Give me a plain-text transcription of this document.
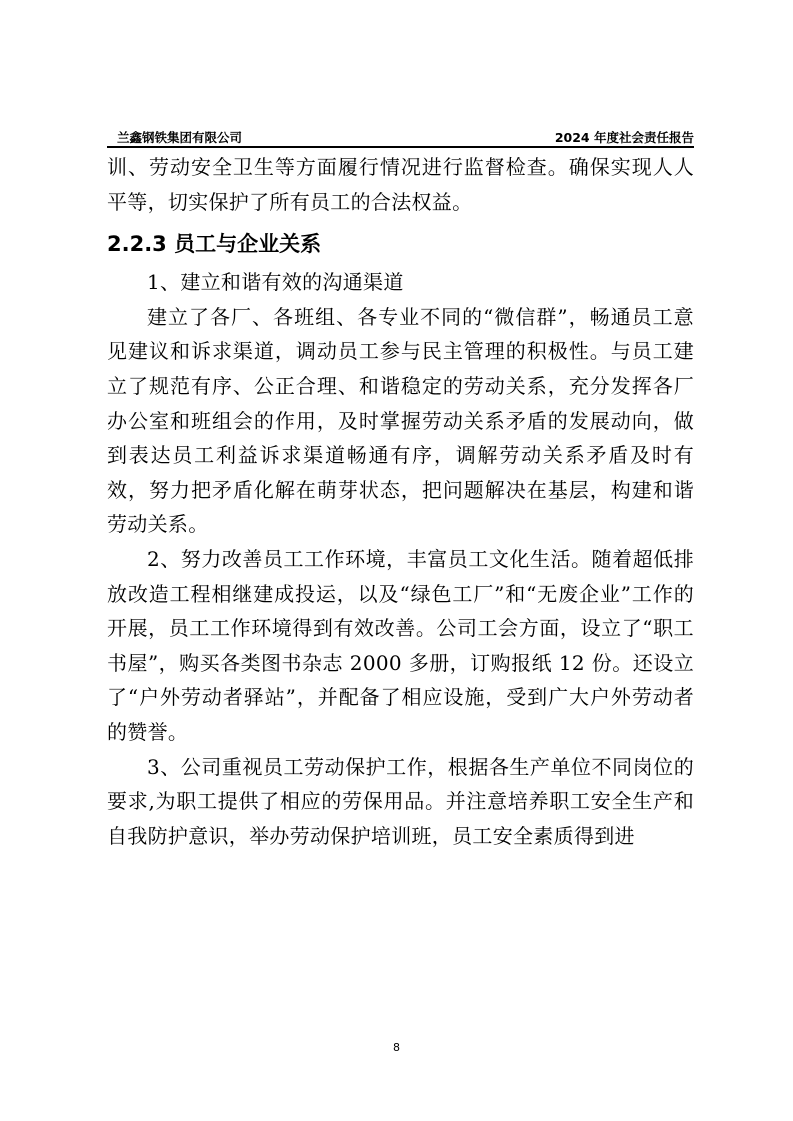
兰鑫钢铁集团有限公司	2024 年度社会责任报告

训、劳动安全卫生等方面履行情况进行监督检查。确保实现人人平等，切实保护了所有员工的合法权益。

2.2.3 员工与企业关系

1、建立和谐有效的沟通渠道

建立了各厂、各班组、各专业不同的“微信群”，畅通员工意见建议和诉求渠道，调动员工参与民主管理的积极性。与员工建立了规范有序、公正合理、和谐稳定的劳动关系，充分发挥各厂办公室和班组会的作用，及时掌握劳动关系矛盾的发展动向，做到表达员工利益诉求渠道畅通有序，调解劳动关系矛盾及时有效，努力把矛盾化解在萌芽状态，把问题解决在基层，构建和谐劳动关系。

2、努力改善员工工作环境，丰富员工文化生活。随着超低排放改造工程相继建成投运，以及“绿色工厂”和“无废企业”工作的开展，员工工作环境得到有效改善。公司工会方面，设立了“职工书屋”，购买各类图书杂志 2000 多册，订购报纸 12 份。还设立了“户外劳动者驿站”，并配备了相应设施，受到广大户外劳动者的赞誉。

3、公司重视员工劳动保护工作，根据各生产单位不同岗位的要求,为职工提供了相应的劳保用品。并注意培养职工安全生产和自我防护意识，举办劳动保护培训班，员工安全素质得到进

8
